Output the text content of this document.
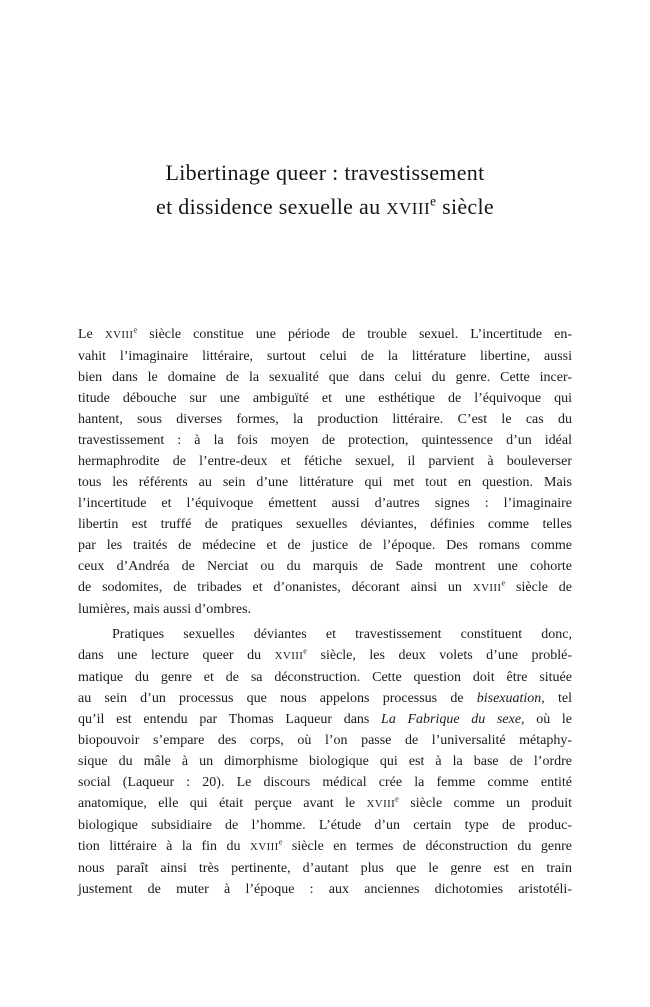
Libertinage queer : travestissement
et dissidence sexuelle au XVIIIe siècle
Le XVIIIe siècle constitue une période de trouble sexuel. L’incertitude en-
vahit l’imaginaire littéraire, surtout celui de la littérature libertine, aussi
bien dans le domaine de la sexualité que dans celui du genre. Cette incer-
titude débouche sur une ambiguïté et une esthétique de l’équivoque qui
hantent, sous diverses formes, la production littéraire. C’est le cas du
travestissement : à la fois moyen de protection, quintessence d’un idéal
hermaphrodite de l’entre-deux et fétiche sexuel, il parvient à bouleverser
tous les référents au sein d’une littérature qui met tout en question. Mais
l’incertitude et l’équivoque émettent aussi d’autres signes : l’imaginaire
libertin est truffé de pratiques sexuelles déviantes, définies comme telles
par les traités de médecine et de justice de l’époque. Des romans comme
ceux d’Andréa de Nerciat ou du marquis de Sade montrent une cohorte
de sodomites, de tribades et d’onanistes, décorant ainsi un XVIIIe siècle de
lumières, mais aussi d’ombres.
Pratiques sexuelles déviantes et travestissement constituent donc,
dans une lecture queer du XVIIIe siècle, les deux volets d’une problé-
matique du genre et de sa déconstruction. Cette question doit être située
au sein d’un processus que nous appelons processus de bisexuation, tel
qu’il est entendu par Thomas Laqueur dans La Fabrique du sexe, où le
biopouvoir s’empare des corps, où l’on passe de l’universalité métaphy-
sique du mâle à un dimorphisme biologique qui est à la base de l’ordre
social (Laqueur : 20). Le discours médical crée la femme comme entité
anatomique, elle qui était perçue avant le XVIIIe siècle comme un produit
biologique subsidiaire de l’homme. L’étude d’un certain type de produc-
tion littéraire à la fin du XVIIIe siècle en termes de déconstruction du genre
nous paraît ainsi très pertinente, d’autant plus que le genre est en train
justement de muter à l’époque : aux anciennes dichotomies aristotéli-
